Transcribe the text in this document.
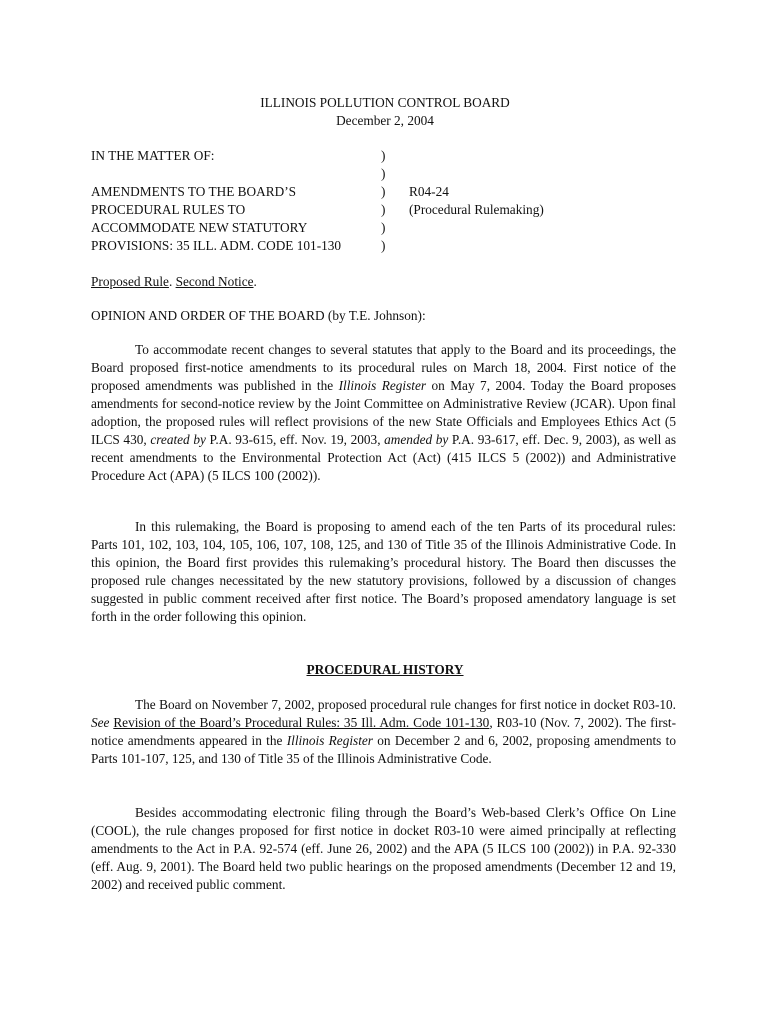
ILLINOIS POLLUTION CONTROL BOARD
December 2, 2004
IN THE MATTER OF:	)
)
AMENDMENTS TO THE BOARD’S	)	R04-24
PROCEDURAL RULES TO	)	(Procedural Rulemaking)
ACCOMMODATE NEW STATUTORY	)
PROVISIONS: 35 ILL. ADM. CODE 101-130	)
Proposed Rule. Second Notice.
OPINION AND ORDER OF THE BOARD (by T.E. Johnson):

To accommodate recent changes to several statutes that apply to the Board and its proceedings, the Board proposed first-notice amendments to its procedural rules on March 18, 2004. First notice of the proposed amendments was published in the Illinois Register on May 7, 2004. Today the Board proposes amendments for second-notice review by the Joint Committee on Administrative Review (JCAR). Upon final adoption, the proposed rules will reflect provisions of the new State Officials and Employees Ethics Act (5 ILCS 430, created by P.A. 93-615, eff. Nov. 19, 2003, amended by P.A. 93-617, eff. Dec. 9, 2003), as well as recent amendments to the Environmental Protection Act (Act) (415 ILCS 5 (2002)) and Administrative Procedure Act (APA) (5 ILCS 100 (2002)).

In this rulemaking, the Board is proposing to amend each of the ten Parts of its procedural rules: Parts 101, 102, 103, 104, 105, 106, 107, 108, 125, and 130 of Title 35 of the Illinois Administrative Code. In this opinion, the Board first provides this rulemaking’s procedural history. The Board then discusses the proposed rule changes necessitated by the new statutory provisions, followed by a discussion of changes suggested in public comment received after first notice. The Board’s proposed amendatory language is set forth in the order following this opinion.

PROCEDURAL HISTORY

The Board on November 7, 2002, proposed procedural rule changes for first notice in docket R03-10. See Revision of the Board’s Procedural Rules: 35 Ill. Adm. Code 101-130, R03-10 (Nov. 7, 2002). The first-notice amendments appeared in the Illinois Register on December 2 and 6, 2002, proposing amendments to Parts 101-107, 125, and 130 of Title 35 of the Illinois Administrative Code.

Besides accommodating electronic filing through the Board’s Web-based Clerk’s Office On Line (COOL), the rule changes proposed for first notice in docket R03-10 were aimed principally at reflecting amendments to the Act in P.A. 92-574 (eff. June 26, 2002) and the APA (5 ILCS 100 (2002)) in P.A. 92-330 (eff. Aug. 9, 2001). The Board held two public hearings on the proposed amendments (December 12 and 19, 2002) and received public comment.
